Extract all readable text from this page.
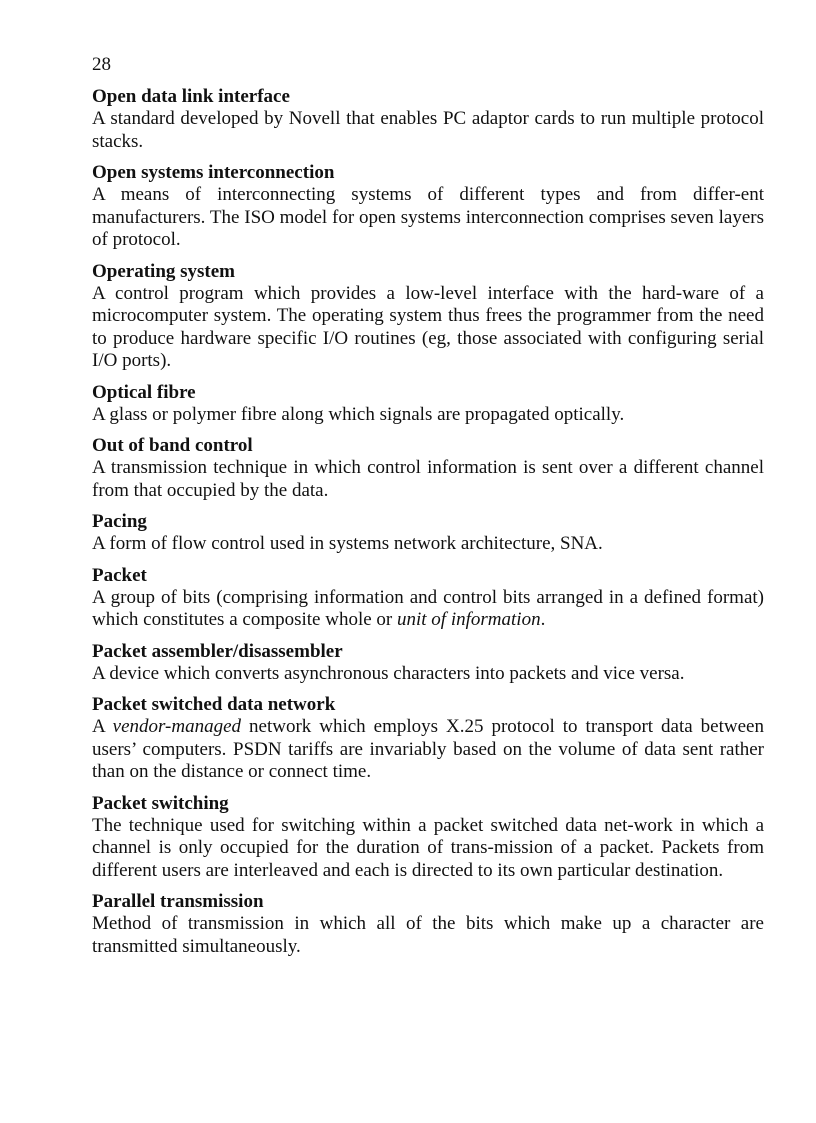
28
Open data link interface
A standard developed by Novell that enables PC adaptor cards to run multiple protocol stacks.
Open systems interconnection
A means of interconnecting systems of different types and from differ-ent manufacturers. The ISO model for open systems interconnection comprises seven layers of protocol.
Operating system
A control program which provides a low-level interface with the hard-ware of a microcomputer system. The operating system thus frees the programmer from the need to produce hardware specific I/O routines (eg, those associated with configuring serial I/O ports).
Optical fibre
A glass or polymer fibre along which signals are propagated optically.
Out of band control
A transmission technique in which control information is sent over a different channel from that occupied by the data.
Pacing
A form of flow control used in systems network architecture, SNA.
Packet
A group of bits (comprising information and control bits arranged in a defined format) which constitutes a composite whole or unit of information.
Packet assembler/disassembler
A device which converts asynchronous characters into packets and vice versa.
Packet switched data network
A vendor-managed network which employs X.25 protocol to transport data between users’ computers. PSDN tariffs are invariably based on the volume of data sent rather than on the distance or connect time.
Packet switching
The technique used for switching within a packet switched data net-work in which a channel is only occupied for the duration of trans-mission of a packet. Packets from different users are interleaved and each is directed to its own particular destination.
Parallel transmission
Method of transmission in which all of the bits which make up a character are transmitted simultaneously.
